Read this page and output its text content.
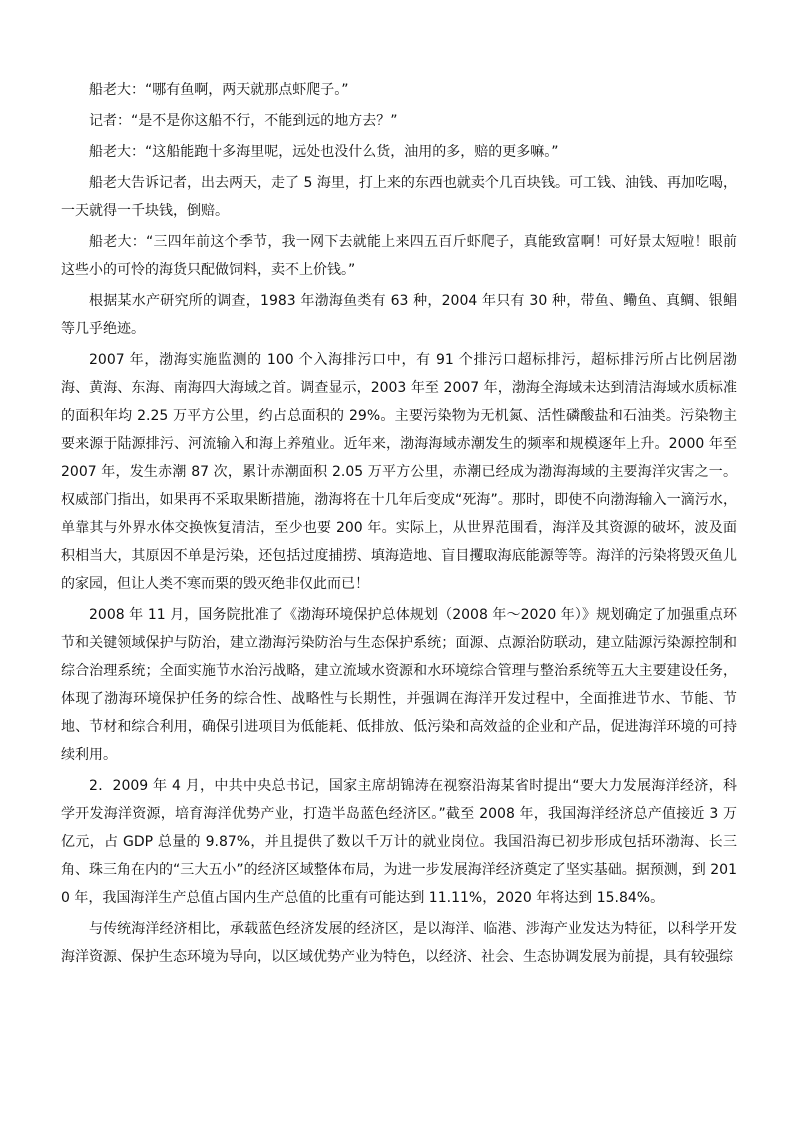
船老大：“哪有鱼啊，两天就那点虾爬子。”

记者：“是不是你这船不行，不能到远的地方去？”

船老大：“这船能跑十多海里呢，远处也没什么货，油用的多，赔的更多嘛。”

船老大告诉记者，出去两天，走了 5 海里，打上来的东西也就卖个几百块钱。可工钱、油钱、再加吃喝，一天就得一千块钱，倒赔。

船老大：“三四年前这个季节，我一网下去就能上来四五百斤虾爬子，真能致富啊！可好景太短啦！眼前这些小的可怜的海货只配做饲料，卖不上价钱。”

根据某水产研究所的调查，1983 年渤海鱼类有 63 种，2004 年只有 30 种，带鱼、鳓鱼、真鲷、银鲳等几乎绝迹。

2007 年，渤海实施监测的 100 个入海排污口中，有 91 个排污口超标排污，超标排污所占比例居渤海、黄海、东海、南海四大海域之首。调查显示，2003 年至 2007 年，渤海全海域未达到清洁海域水质标准的面积年均 2.25 万平方公里，约占总面积的 29%。主要污染物为无机氮、活性磷酸盐和石油类。污染物主要来源于陆源排污、河流输入和海上养殖业。近年来，渤海海域赤潮发生的频率和规模逐年上升。2000 年至 2007 年，发生赤潮 87 次，累计赤潮面积 2.05 万平方公里，赤潮已经成为渤海海域的主要海洋灾害之一。权威部门指出，如果再不采取果断措施，渤海将在十几年后变成“死海”。那时，即使不向渤海输入一滴污水，单靠其与外界水体交换恢复清洁，至少也要 200 年。实际上，从世界范围看，海洋及其资源的破坏，波及面积相当大，其原因不单是污染，还包括过度捕捞、填海造地、盲目攫取海底能源等等。海洋的污染将毁灭鱼儿的家园，但让人类不寒而栗的毁灭绝非仅此而已！

2008 年 11 月，国务院批准了《渤海环境保护总体规划（2008 年～2020 年）》规划确定了加强重点环节和关键领域保护与防治，建立渤海污染防治与生态保护系统；面源、点源治防联动，建立陆源污染源控制和综合治理系统；全面实施节水治污战略，建立流域水资源和水环境综合管理与整治系统等五大主要建设任务，体现了渤海环境保护任务的综合性、战略性与长期性，并强调在海洋开发过程中，全面推进节水、节能、节地、节材和综合利用，确保引进项目为低能耗、低排放、低污染和高效益的企业和产品，促进海洋环境的可持续利用。

2．2009 年 4 月，中共中央总书记，国家主席胡锦涛在视察沿海某省时提出“要大力发展海洋经济，科学开发海洋资源，培育海洋优势产业，打造半岛蓝色经济区。”截至 2008 年，我国海洋经济总产值接近 3 万亿元，占 GDP 总量的 9.87%，并且提供了数以千万计的就业岗位。我国沿海已初步形成包括环渤海、长三角、珠三角在内的“三大五小”的经济区域整体布局，为进一步发展海洋经济奠定了坚实基础。据预测，到 2010 年，我国海洋生产总值占国内生产总值的比重有可能达到 11.11%，2020 年将达到 15.84%。

与传统海洋经济相比，承载蓝色经济发展的经济区，是以海洋、临港、涉海产业发达为特征，以科学开发海洋资源、保护生态环境为导向，以区域优势产业为特色，以经济、社会、生态协调发展为前提，具有较强综
